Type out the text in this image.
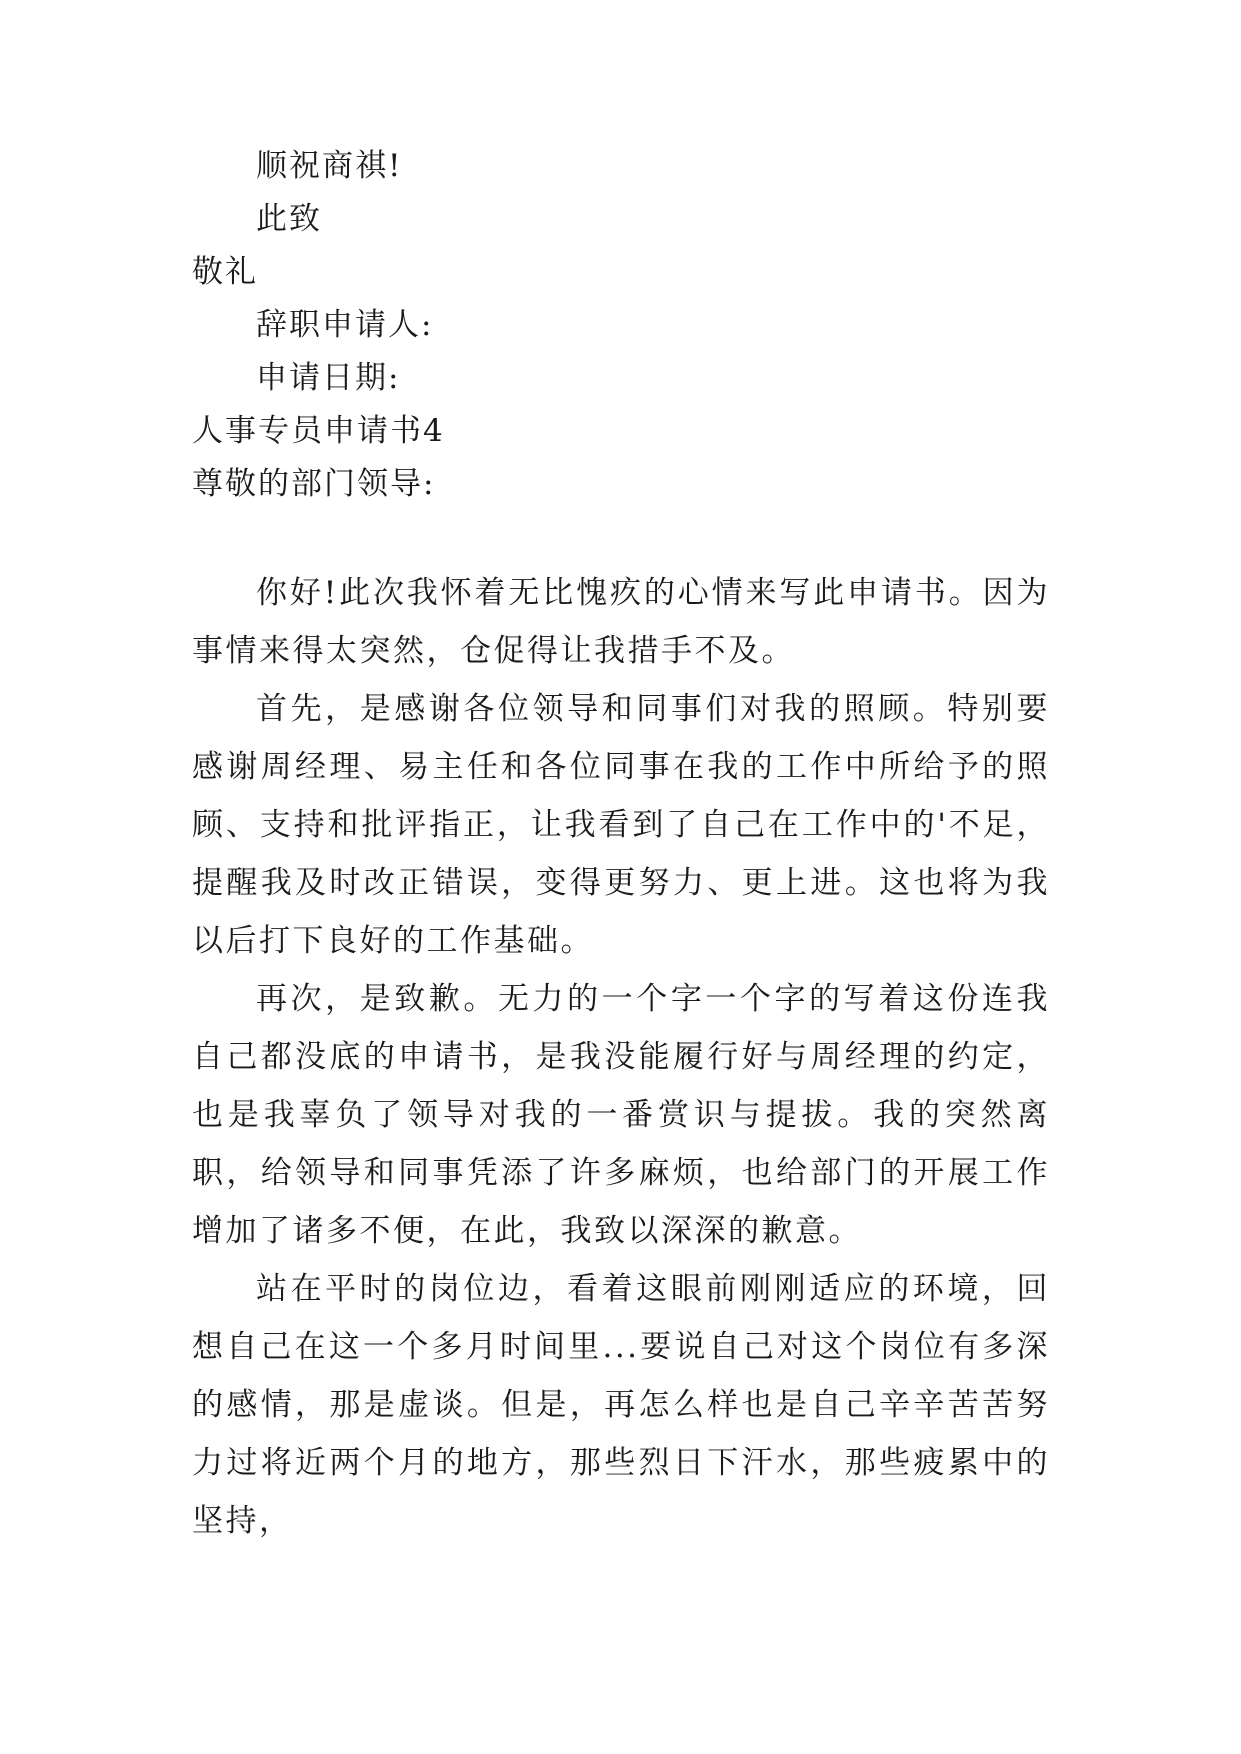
顺祝商祺!
此致
敬礼
辞职申请人:
申请日期:
人事专员申请书4
尊敬的部门领导:
你好!此次我怀着无比愧疚的心情来写此申请书。因为事情来得太突然，仓促得让我措手不及。
首先，是感谢各位领导和同事们对我的照顾。特别要感谢周经理、易主任和各位同事在我的工作中所给予的照顾、支持和批评指正，让我看到了自己在工作中的'不足，提醒我及时改正错误，变得更努力、更上进。这也将为我以后打下良好的工作基础。
再次，是致歉。无力的一个字一个字的写着这份连我自己都没底的申请书，是我没能履行好与周经理的约定，也是我辜负了领导对我的一番赏识与提拔。我的突然离职，给领导和同事凭添了许多麻烦，也给部门的开展工作增加了诸多不便，在此，我致以深深的歉意。
站在平时的岗位边，看着这眼前刚刚适应的环境，回想自己在这一个多月时间里...要说自己对这个岗位有多深的感情，那是虚谈。但是，再怎么样也是自己辛辛苦苦努力过将近两个月的地方，那些烈日下汗水，那些疲累中的坚持，
